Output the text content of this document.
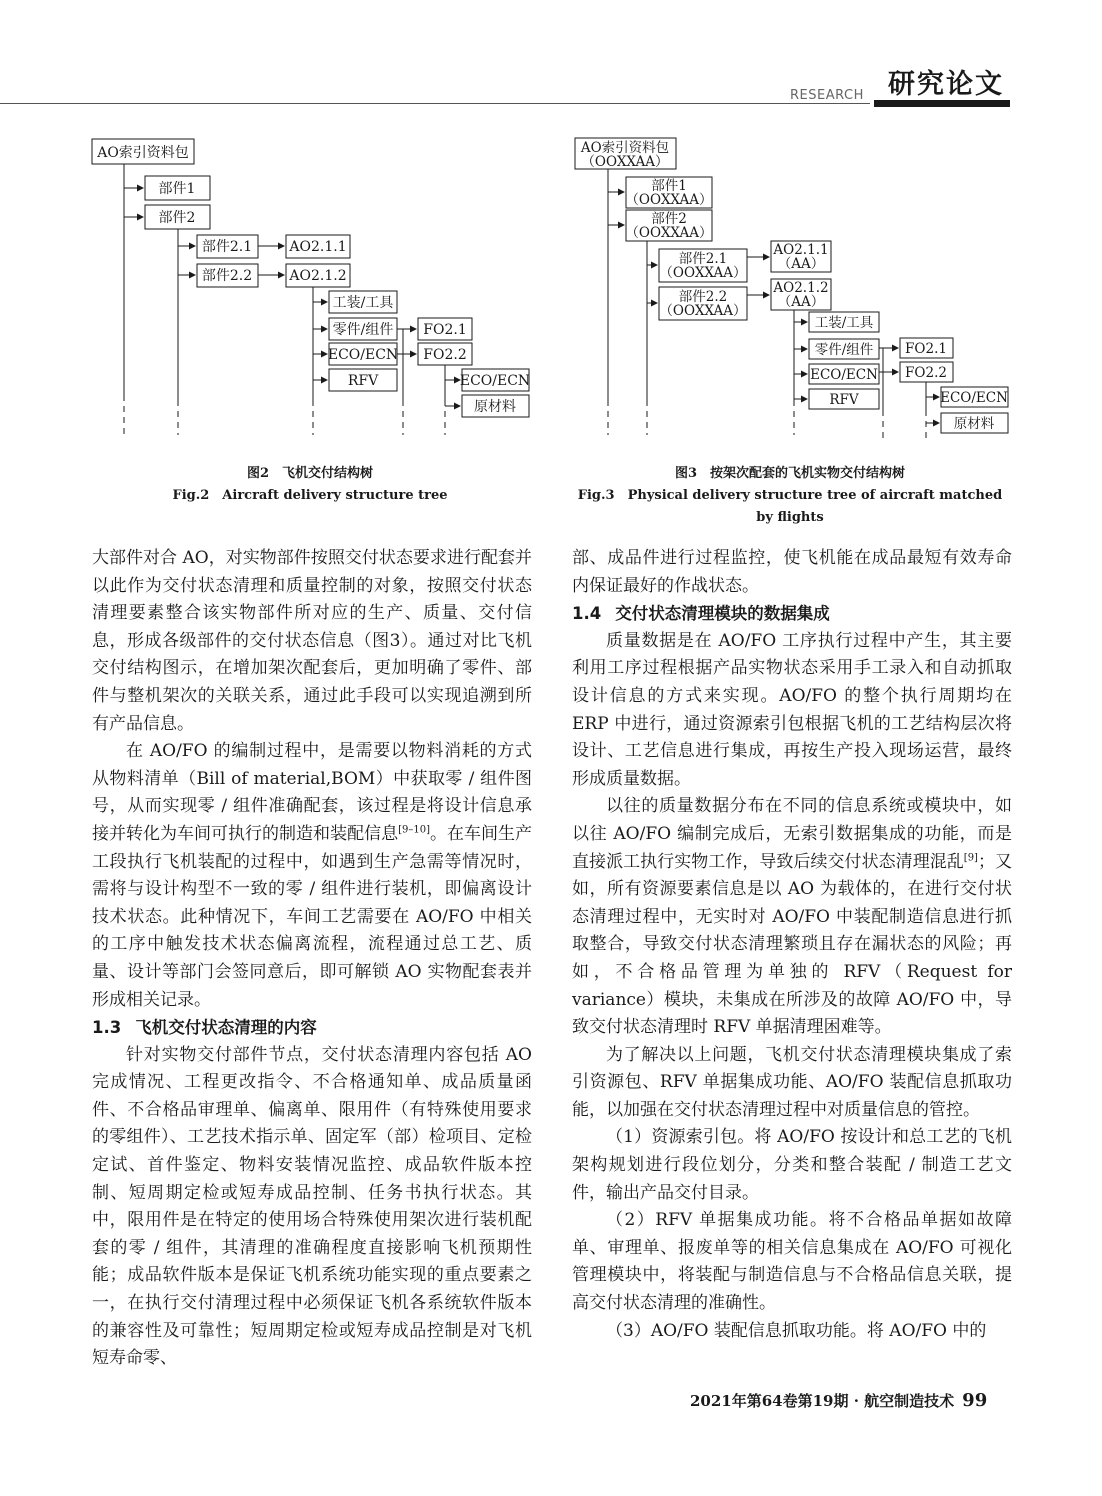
RESEARCH 研究论文
AO索引资料包
部件1
部件2
部件2.1
部件2.2
AO2.1.1
AO2.1.2
工装/工具
零件/组件
ECO/ECN
RFV
FO2.1
FO2.2
ECO/ECN
原材料
图2　飞机交付结构树
Fig.2　Aircraft delivery structure tree
AO索引资料包
（OOXXAA）
部件1
（OOXXAA）
部件2
（OOXXAA）
部件2.1
（OOXXAA）
部件2.2
（OOXXAA）
AO2.1.1
（AA）
AO2.1.2
（AA）
工装/工具
零件/组件
ECO/ECN
RFV
FO2.1
FO2.2
ECO/ECN
原材料
图3　按架次配套的飞机实物交付结构树
Fig.3　Physical delivery structure tree of aircraft matched by flights

大部件对合 AO，对实物部件按照交付状态要求进行配套并以此作为交付状态清理和质量控制的对象，按照交付状态清理要素整合该实物部件所对应的生产、质量、交付信息，形成各级部件的交付状态信息（图3）。通过对比飞机交付结构图示，在增加架次配套后，更加明确了零件、部件与整机架次的关联关系，通过此手段可以实现追溯到所有产品信息。

在 AO/FO 的编制过程中，是需要以物料消耗的方式从物料清单（Bill of material,BOM）中获取零 / 组件图号，从而实现零 / 组件准确配套，该过程是将设计信息承接并转化为车间可执行的制造和装配信息[9–10]。在车间生产工段执行飞机装配的过程中，如遇到生产急需等情况时，需将与设计构型不一致的零 / 组件进行装机，即偏离设计技术状态。此种情况下，车间工艺需要在 AO/FO 中相关的工序中触发技术状态偏离流程，流程通过总工艺、质量、设计等部门会签同意后，即可解锁 AO 实物配套表并形成相关记录。

1.3 飞机交付状态清理的内容

针对实物交付部件节点，交付状态清理内容包括 AO 完成情况、工程更改指令、不合格通知单、成品质量函件、不合格品审理单、偏离单、限用件（有特殊使用要求的零组件）、工艺技术指示单、固定军（部）检项目、定检定试、首件鉴定、物料安装情况监控、成品软件版本控制、短周期定检或短寿成品控制、任务书执行状态。其中，限用件是在特定的使用场合特殊使用架次进行装机配套的零 / 组件，其清理的准确程度直接影响飞机预期性能；成品软件版本是保证飞机系统功能实现的重点要素之一，在执行交付清理过程中必须保证飞机各系统软件版本的兼容性及可靠性；短周期定检或短寿成品控制是对飞机短寿命零、

部、成品件进行过程监控，使飞机能在成品最短有效寿命内保证最好的作战状态。

1.4 交付状态清理模块的数据集成

质量数据是在 AO/FO 工序执行过程中产生，其主要利用工序过程根据产品实物状态采用手工录入和自动抓取设计信息的方式来实现。AO/FO 的整个执行周期均在 ERP 中进行，通过资源索引包根据飞机的工艺结构层次将设计、工艺信息进行集成，再按生产投入现场运营，最终形成质量数据。

以往的质量数据分布在不同的信息系统或模块中，如以往 AO/FO 编制完成后，无索引数据集成的功能，而是直接派工执行实物工作，导致后续交付状态清理混乱[9]；又如，所有资源要素信息是以 AO 为载体的，在进行交付状态清理过程中，无实时对 AO/FO 中装配制造信息进行抓取整合，导致交付状态清理繁琐且存在漏状态的风险；再如，不合格品管理为单独的 RFV（Request for variance）模块，未集成在所涉及的故障 AO/FO 中，导致交付状态清理时 RFV 单据清理困难等。

为了解决以上问题，飞机交付状态清理模块集成了索引资源包、RFV 单据集成功能、AO/FO 装配信息抓取功能，以加强在交付状态清理过程中对质量信息的管控。

（1）资源索引包。将 AO/FO 按设计和总工艺的飞机架构规划进行段位划分，分类和整合装配 / 制造工艺文件，输出产品交付目录。

（2）RFV 单据集成功能。将不合格品单据如故障单、审理单、报废单等的相关信息集成在 AO/FO 可视化管理模块中，将装配与制造信息与不合格品信息关联，提高交付状态清理的准确性。

（3）AO/FO 装配信息抓取功能。将 AO/FO 中的

2021年第64卷第19期 · 航空制造技术 99
